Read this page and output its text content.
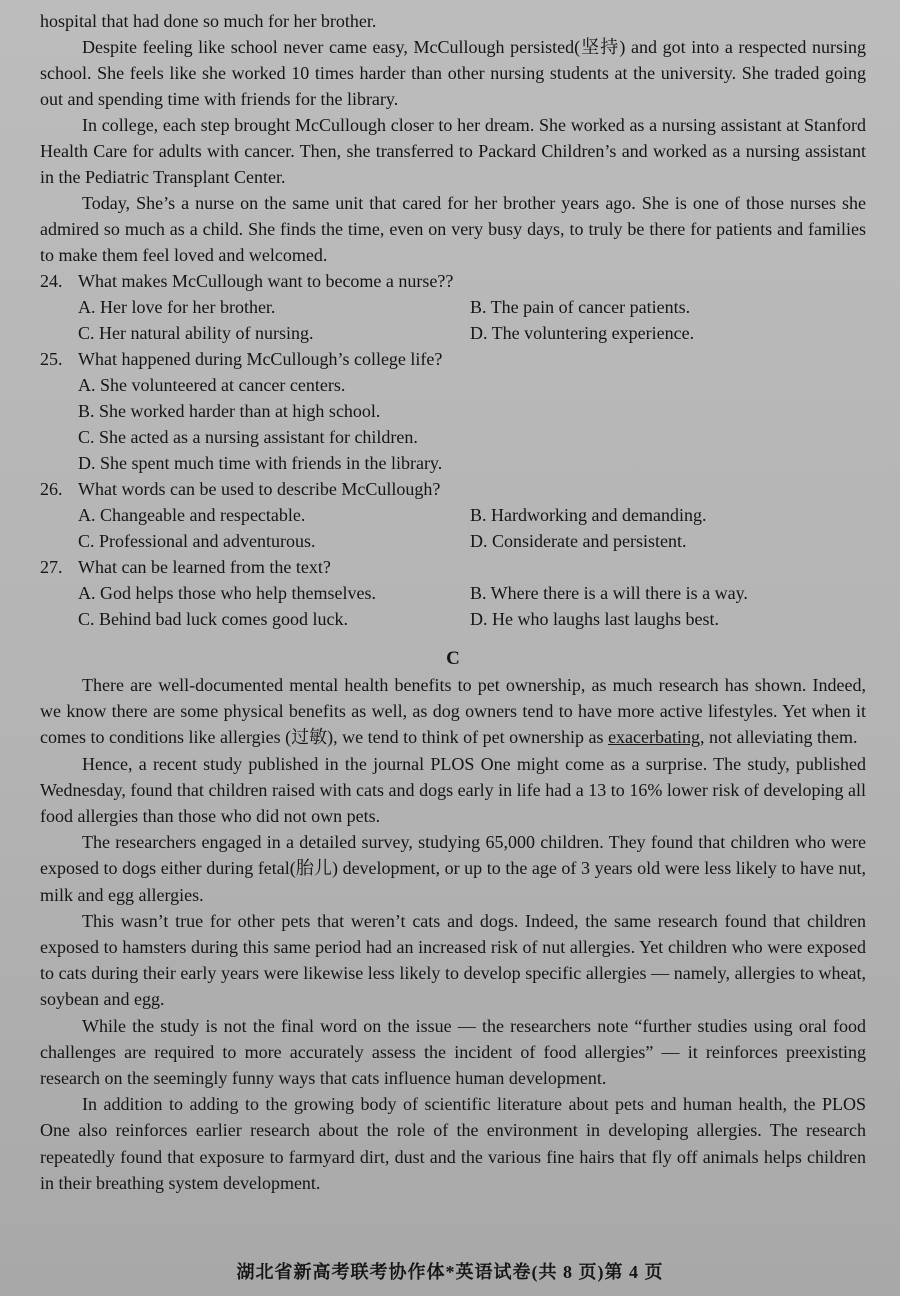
hospital that had done so much for her brother.

Despite feeling like school never came easy, McCullough persisted(坚持) and got into a respected nursing school. She feels like she worked 10 times harder than other nursing students at the university. She traded going out and spending time with friends for the library.

In college, each step brought McCullough closer to her dream. She worked as a nursing assistant at Stanford Health Care for adults with cancer. Then, she transferred to Packard Children’s and worked as a nursing assistant in the Pediatric Transplant Center.

Today, She’s a nurse on the same unit that cared for her brother years ago. She is one of those nurses she admired so much as a child. She finds the time, even on very busy days, to truly be there for patients and families to make them feel loved and welcomed.

24. What makes McCullough want to become a nurse??
A. Her love for her brother.	B. The pain of cancer patients.
C. Her natural ability of nursing.	D. The voluntering experience.
25. What happened during McCullough’s college life?
A. She volunteered at cancer centers.
B. She worked harder than at high school.
C. She acted as a nursing assistant for children.
D. She spent much time with friends in the library.
26. What words can be used to describe McCullough?
A. Changeable and respectable.	B. Hardworking and demanding.
C. Professional and adventurous.	D. Considerate and persistent.
27. What can be learned from the text?
A. God helps those who help themselves.	B. Where there is a will there is a way.
C. Behind bad luck comes good luck.	D. He who laughs last laughs best.
C

There are well-documented mental health benefits to pet ownership, as much research has shown. Indeed, we know there are some physical benefits as well, as dog owners tend to have more active lifestyles. Yet when it comes to conditions like allergies (过敏), we tend to think of pet ownership as exacerbating, not alleviating them.

Hence, a recent study published in the journal PLOS One might come as a surprise. The study, published Wednesday, found that children raised with cats and dogs early in life had a 13 to 16% lower risk of developing all food allergies than those who did not own pets.

The researchers engaged in a detailed survey, studying 65,000 children. They found that children who were exposed to dogs either during fetal(胎儿) development, or up to the age of 3 years old were less likely to have nut, milk and egg allergies.

This wasn’t true for other pets that weren’t cats and dogs. Indeed, the same research found that children exposed to hamsters during this same period had an increased risk of nut allergies. Yet children who were exposed to cats during their early years were likewise less likely to develop specific allergies — namely, allergies to wheat, soybean and egg.

While the study is not the final word on the issue — the researchers note “further studies using oral food challenges are required to more accurately assess the incident of food allergies” — it reinforces preexisting research on the seemingly funny ways that cats influence human development.

In addition to adding to the growing body of scientific literature about pets and human health, the PLOS One also reinforces earlier research about the role of the environment in developing allergies. The research repeatedly found that exposure to farmyard dirt, dust and the various fine hairs that fly off animals helps children in their breathing system development.

湖北省新高考联考协作体*英语试卷(共 8 页)第 4 页
